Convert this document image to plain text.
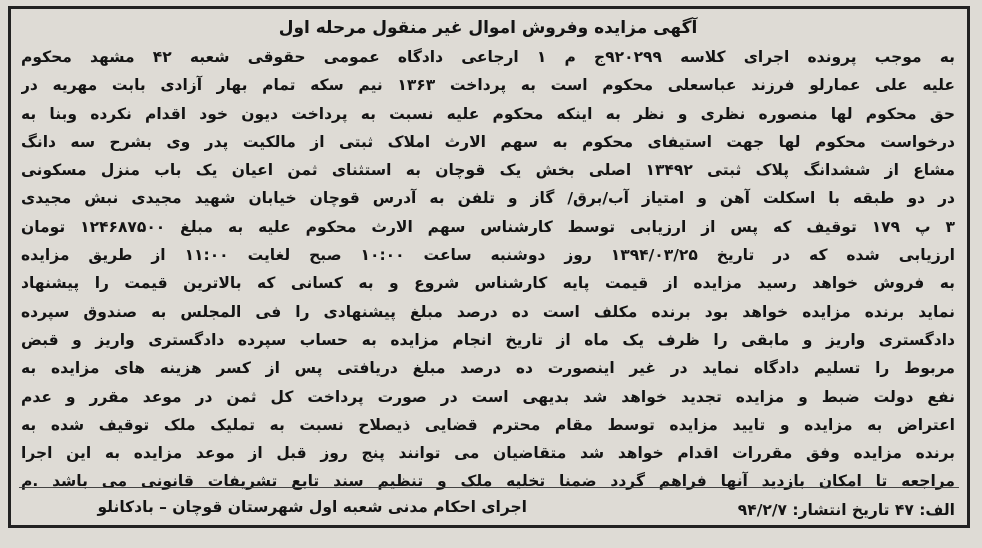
آگهی مزایده وفروش اموال غیر منقول مرحله اول
به موجب پرونده اجرای کلاسه ۹۲۰۲۹۹ج م ۱ ارجاعی دادگاه عمومی حقوقی شعبه ۴۲ مشهد محکوم
علیه علی عمارلو فرزند عباسعلی محکوم است به پرداخت ۱۳۶۳ نیم سکه تمام بهار آزادی بابت مهریه در
حق محکوم لها منصوره نظری و نظر به اینکه محکوم علیه نسبت به پرداخت دیون خود اقدام نکرده وبنا به
درخواست محکوم لها جهت استیفای محکوم به سهم الارث املاک ثبتی از مالکیت پدر وی بشرح سه دانگ
مشاع از ششدانگ پلاک ثبتی ۱۳۴۹۲ اصلی بخش یک قوچان به استثنای ثمن اعیان یک باب منزل مسکونی
در دو طبقه با اسکلت آهن و امتیاز آب/برق/ گاز و تلفن به آدرس قوچان خیابان شهید مجیدی نبش مجیدی
۳ پ ۱۷۹ توقیف که پس از ارزیابی توسط کارشناس سهم الارث محکوم علیه به مبلغ ۱۲۴۶۸۷۵۰۰ تومان
ارزیابی شده که در تاریخ ۱۳۹۴/۰۳/۲۵ روز دوشنبه ساعت ۱۰:۰۰ صبح لغایت ۱۱:۰۰ از طریق مزایده
به فروش خواهد رسید مزایده از قیمت پایه کارشناس شروع و به کسانی که بالاترین قیمت را پیشنهاد
نماید برنده مزایده خواهد بود برنده مکلف است ده درصد مبلغ پیشنهادی را فی المجلس به صندوق سپرده
دادگستری واریز و مابقی را ظرف یک ماه از تاریخ انجام مزایده به حساب سپرده دادگستری واریز و قبض
مربوط را تسلیم دادگاه نماید در غیر اینصورت ده درصد مبلغ دریافتی پس از کسر هزینه های مزایده به
نفع دولت ضبط و مزایده تجدید خواهد شد بدیهی است در صورت پرداخت کل ثمن در موعد مقرر و عدم
اعتراض به مزایده و تایید مزایده توسط مقام محترم قضایی ذیصلاح نسبت به تملیک ملک توقیف شده به
برنده مزایده وفق مقررات اقدام خواهد شد متقاضیان می توانند پنج روز قبل از موعد مزایده به این اجرا
مراجعه تا امکان بازدید آنها فراهم گردد ضمنا تخلیه ملک و تنظیم سند تابع تشریفات قانونی می باشد .م
الف: ۴۷ تاریخ انتشار: ۹۴/۲/۷
اجرای احکام مدنی شعبه اول شهرستان قوچان – بادکانلو
